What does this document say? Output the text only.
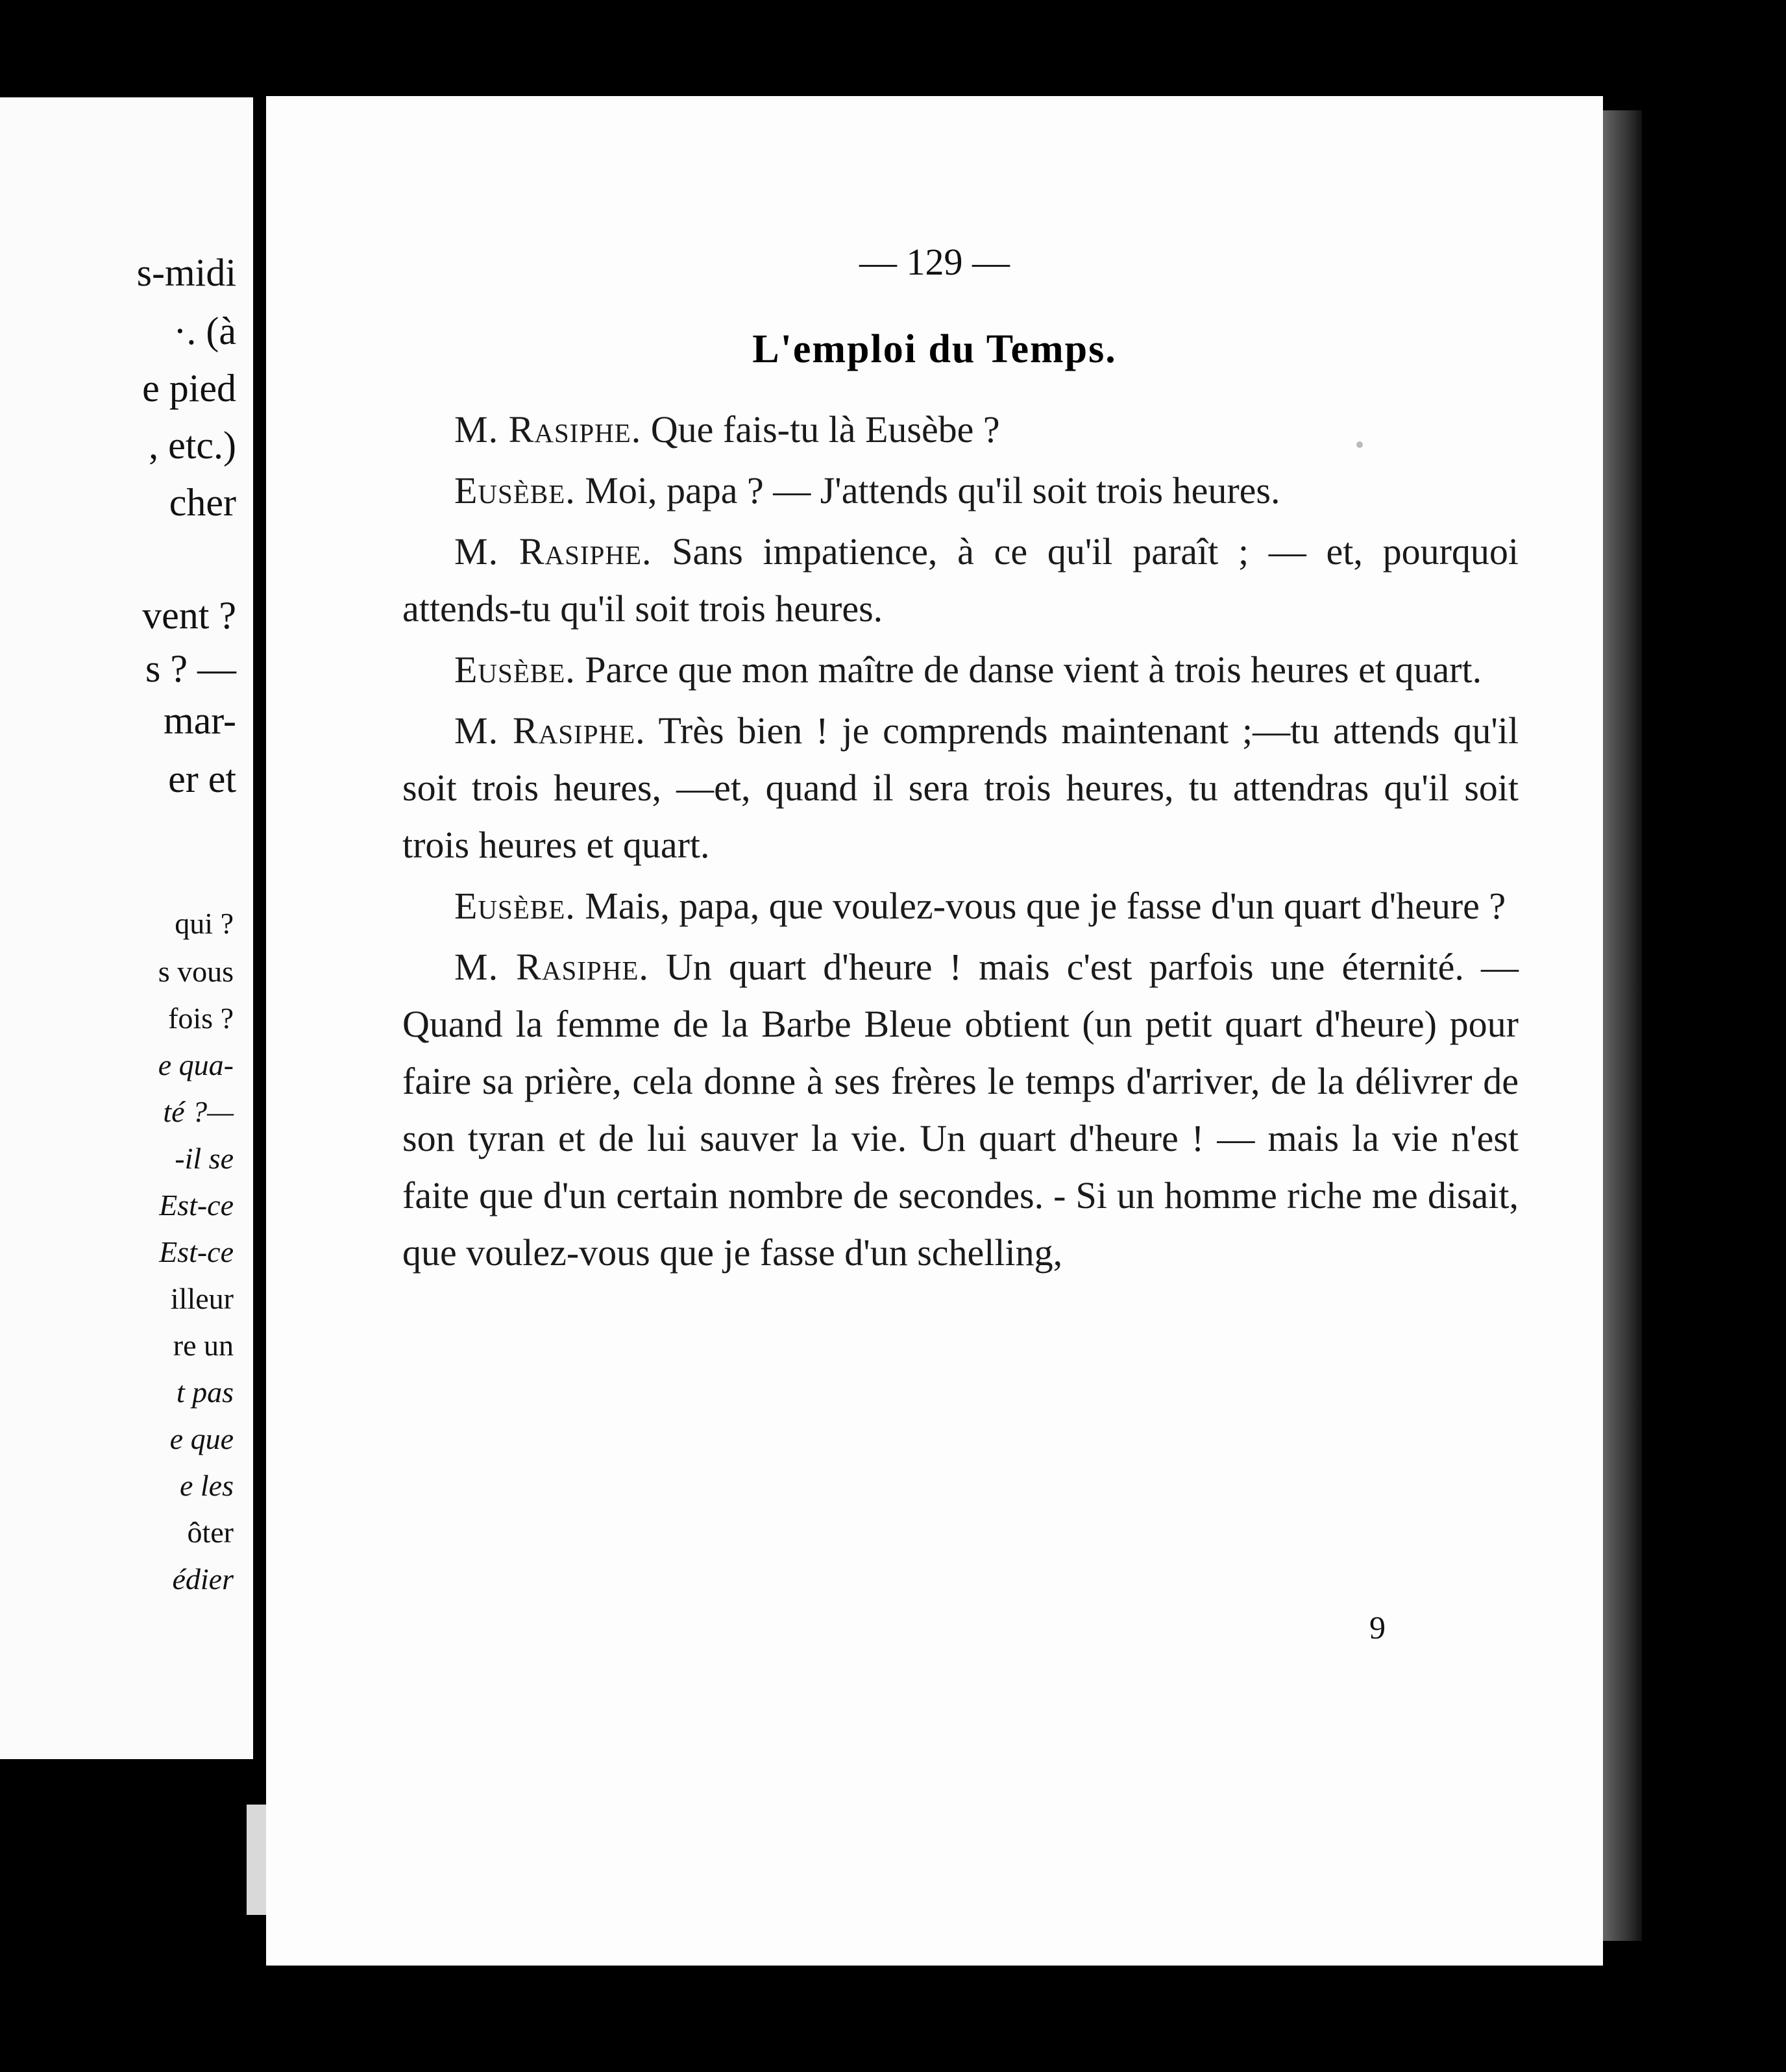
s-midi
·. (à
e pied
, etc.)
cher
vent ?
s ? —
mar-
er et
qui ?
s vous
fois ?
e qua-
té ?—
-il se
Est-ce
Est-ce
illeur
re un
t pas
e que
e les
ôter
édier
— 129 —
L'emploi du Temps.

M. Rasiphe. Que fais-tu là Eusèbe ?

Eusèbe. Moi, papa ? — J'attends qu'il soit trois heures.

M. Rasiphe. Sans impatience, à ce qu'il paraît ; — et, pourquoi attends-tu qu'il soit trois heures.

Eusèbe. Parce que mon maître de danse vient à trois heures et quart.

M. Rasiphe. Très bien ! je comprends maintenant ;—tu attends qu'il soit trois heures, —et, quand il sera trois heures, tu attendras qu'il soit trois heures et quart.

Eusèbe. Mais, papa, que voulez-vous que je fasse d'un quart d'heure ?

M. Rasiphe. Un quart d'heure ! mais c'est parfois une éternité. — Quand la femme de la Barbe Bleue obtient (un petit quart d'heure) pour faire sa prière, cela donne à ses frères le temps d'arriver, de la délivrer de son tyran et de lui sauver la vie. Un quart d'heure ! — mais la vie n'est faite que d'un certain nombre de secondes. - Si un homme riche me disait, que voulez-vous que je fasse d'un schelling,

9
